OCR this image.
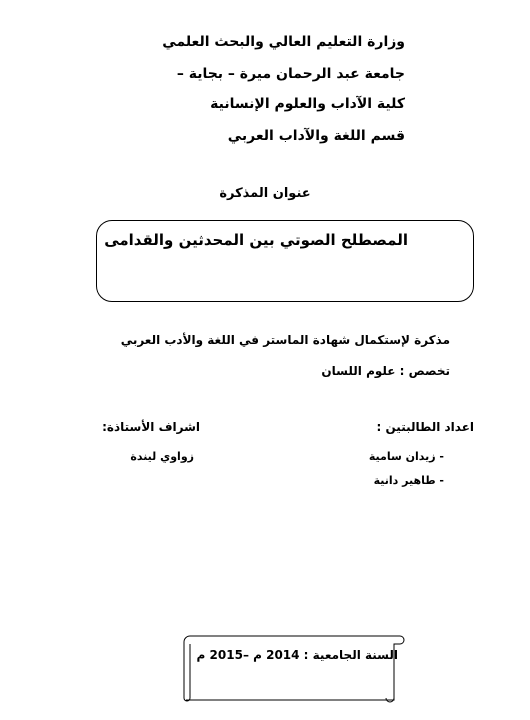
وزارة التعليم العالي والبحث العلمي
جامعة عبد الرحمان ميرة – بجاية –
كلية الآداب والعلوم الإنسانية
قسم اللغة والآداب العربي
عنوان المذكرة
المصطلح الصوتي بين المحدثين والقدامى
مذكرة لإستكمال شهادة الماستر في اللغة والأدب العربي
تخصص : علوم اللسان
اعداد الطالبتين :
- زيدان سامية
- طاهير دانية
اشراف الأستاذة:
زواوي ليندة
السنة الجامعية : 2014 م –2015 م
